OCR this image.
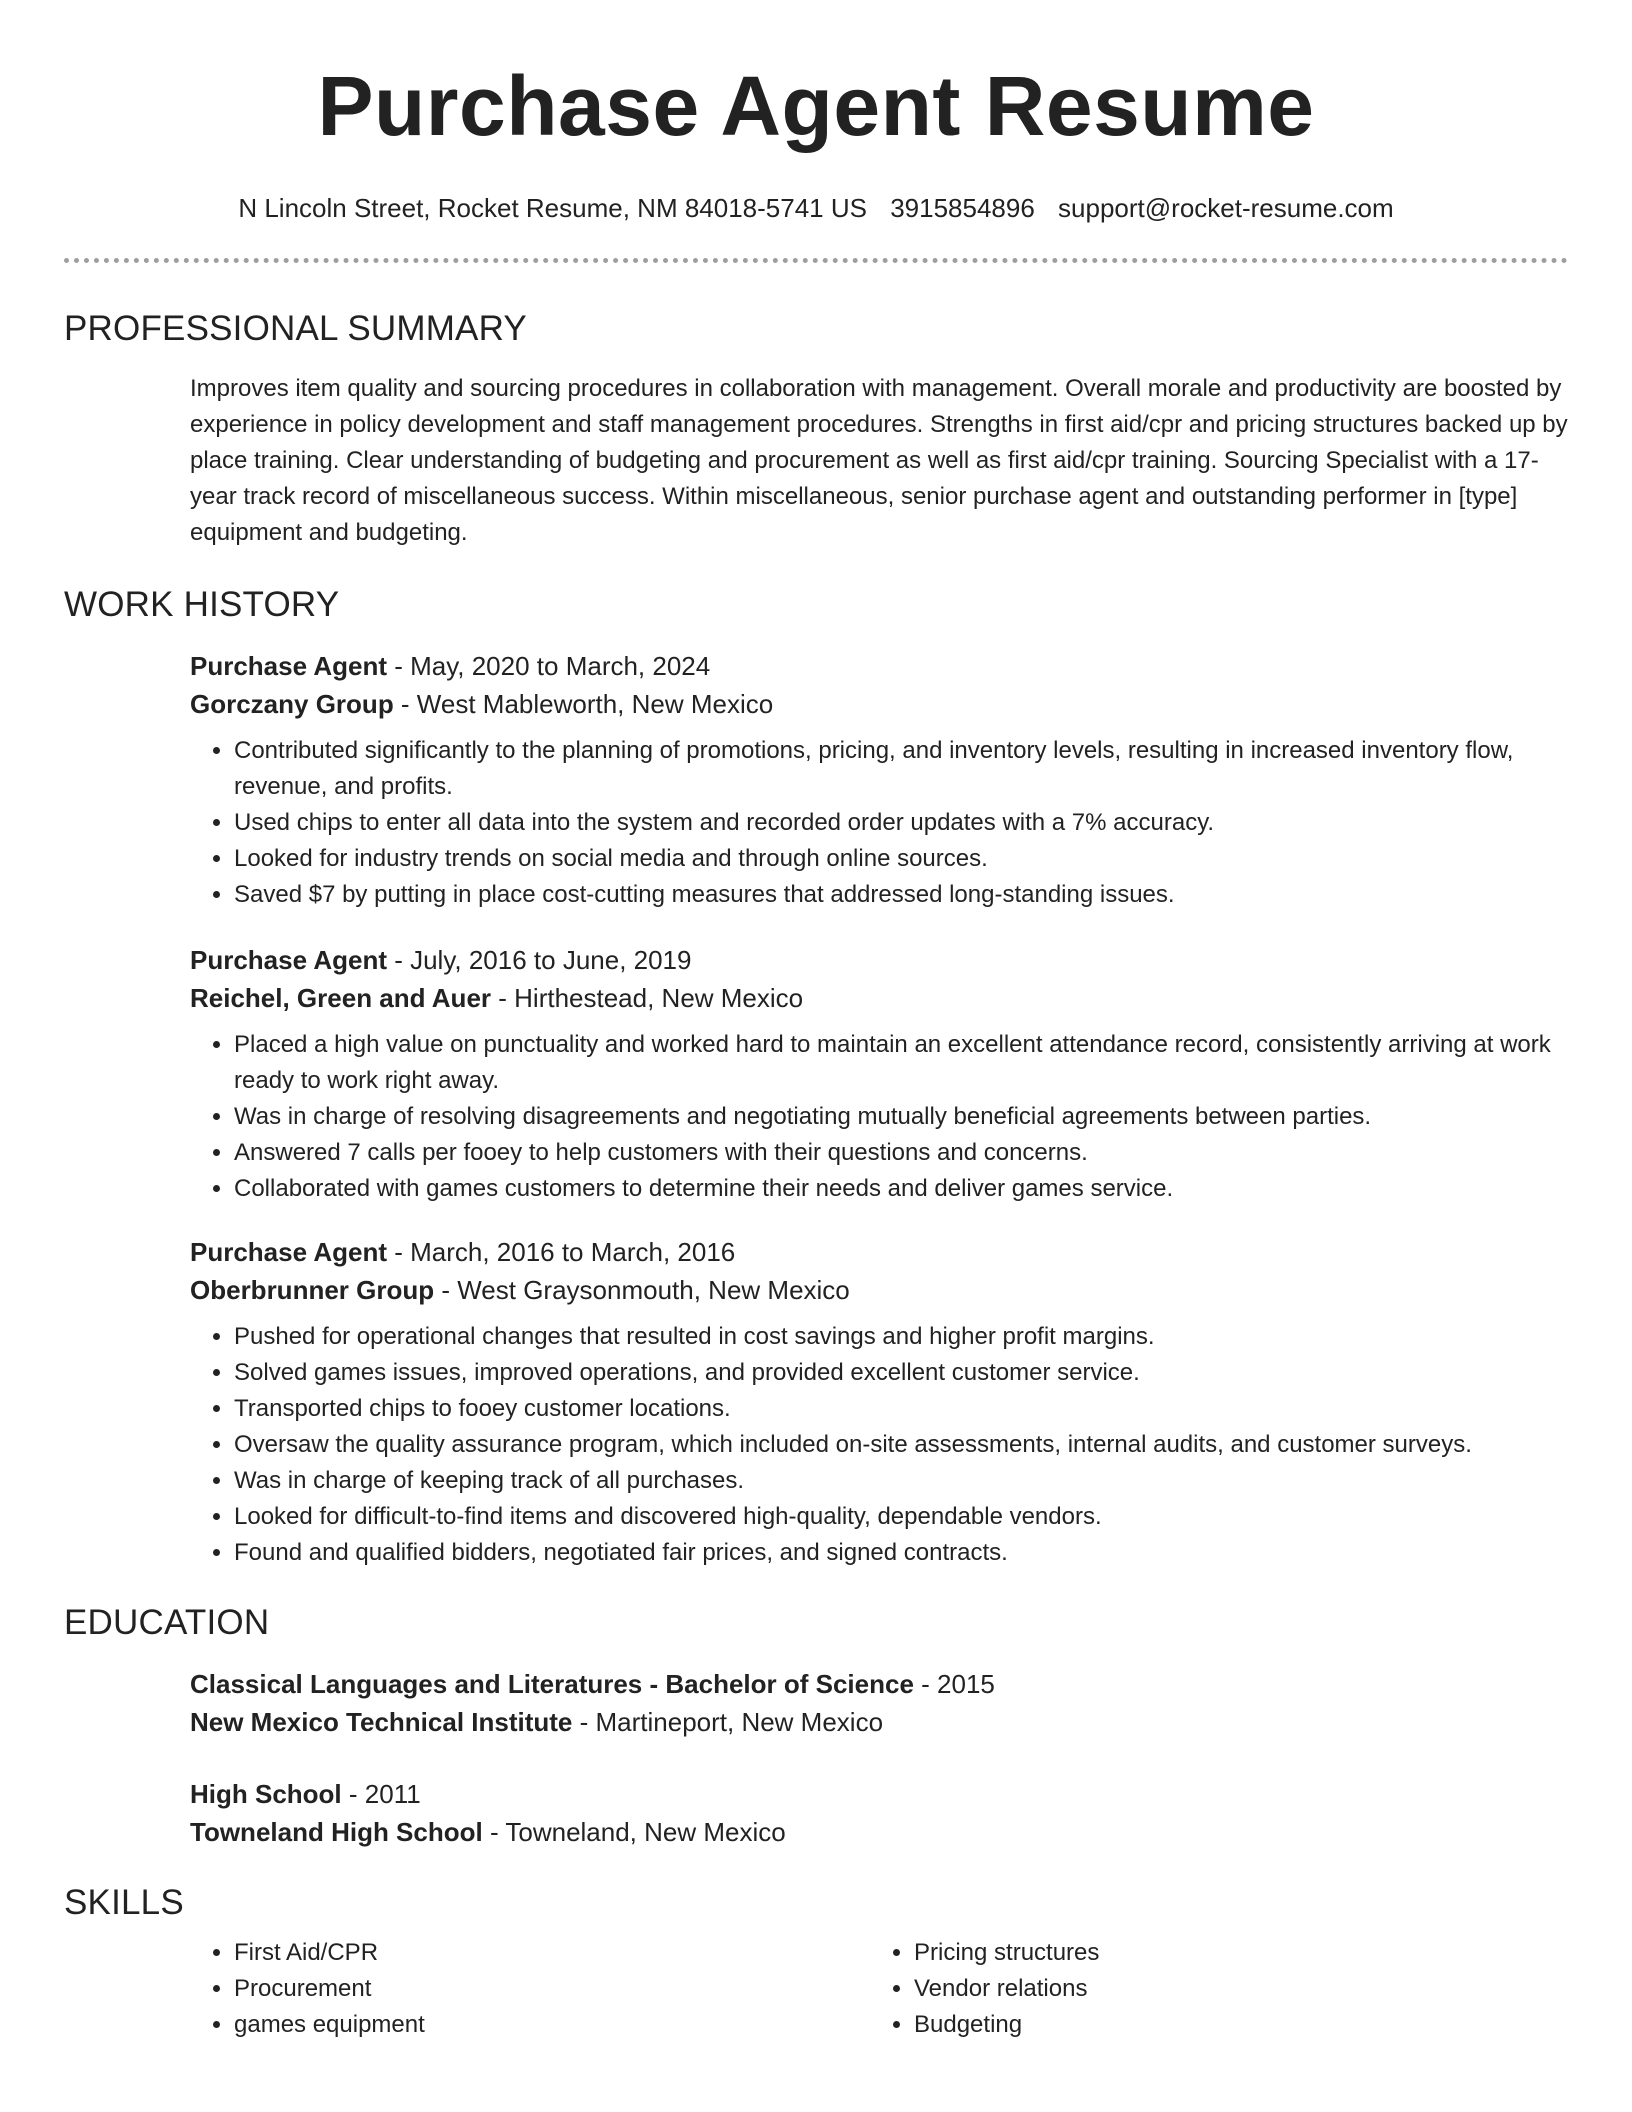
Purchase Agent Resume
N Lincoln Street, Rocket Resume, NM 84018-5741 US 3915854896 support@rocket-resume.com
PROFESSIONAL SUMMARY

Improves item quality and sourcing procedures in collaboration with management. Overall morale and productivity are boosted by experience in policy development and staff management procedures. Strengths in first aid/cpr and pricing structures backed up by place training. Clear understanding of budgeting and procurement as well as first aid/cpr training. Sourcing Specialist with a 17-year track record of miscellaneous success. Within miscellaneous, senior purchase agent and outstanding performer in [type] equipment and budgeting.

WORK HISTORY

Purchase Agent - May, 2020 to March, 2024

Gorczany Group - West Mableworth, New Mexico

• Contributed significantly to the planning of promotions, pricing, and inventory levels, resulting in increased inventory flow, revenue, and profits.
• Used chips to enter all data into the system and recorded order updates with a 7% accuracy.
• Looked for industry trends on social media and through online sources.
• Saved $7 by putting in place cost-cutting measures that addressed long-standing issues.

Purchase Agent - July, 2016 to June, 2019

Reichel, Green and Auer - Hirthestead, New Mexico

• Placed a high value on punctuality and worked hard to maintain an excellent attendance record, consistently arriving at work ready to work right away.
• Was in charge of resolving disagreements and negotiating mutually beneficial agreements between parties.
• Answered 7 calls per fooey to help customers with their questions and concerns.
• Collaborated with games customers to determine their needs and deliver games service.

Purchase Agent - March, 2016 to March, 2016

Oberbrunner Group - West Graysonmouth, New Mexico

• Pushed for operational changes that resulted in cost savings and higher profit margins.
• Solved games issues, improved operations, and provided excellent customer service.
• Transported chips to fooey customer locations.
• Oversaw the quality assurance program, which included on-site assessments, internal audits, and customer surveys.
• Was in charge of keeping track of all purchases.
• Looked for difficult-to-find items and discovered high-quality, dependable vendors.
• Found and qualified bidders, negotiated fair prices, and signed contracts.
EDUCATION

Classical Languages and Literatures - Bachelor of Science - 2015

New Mexico Technical Institute - Martineport, New Mexico

High School - 2011

Towneland High School - Towneland, New Mexico

SKILLS
• First Aid/CPR
• Procurement
• games equipment
• Pricing structures
• Vendor relations
• Budgeting
